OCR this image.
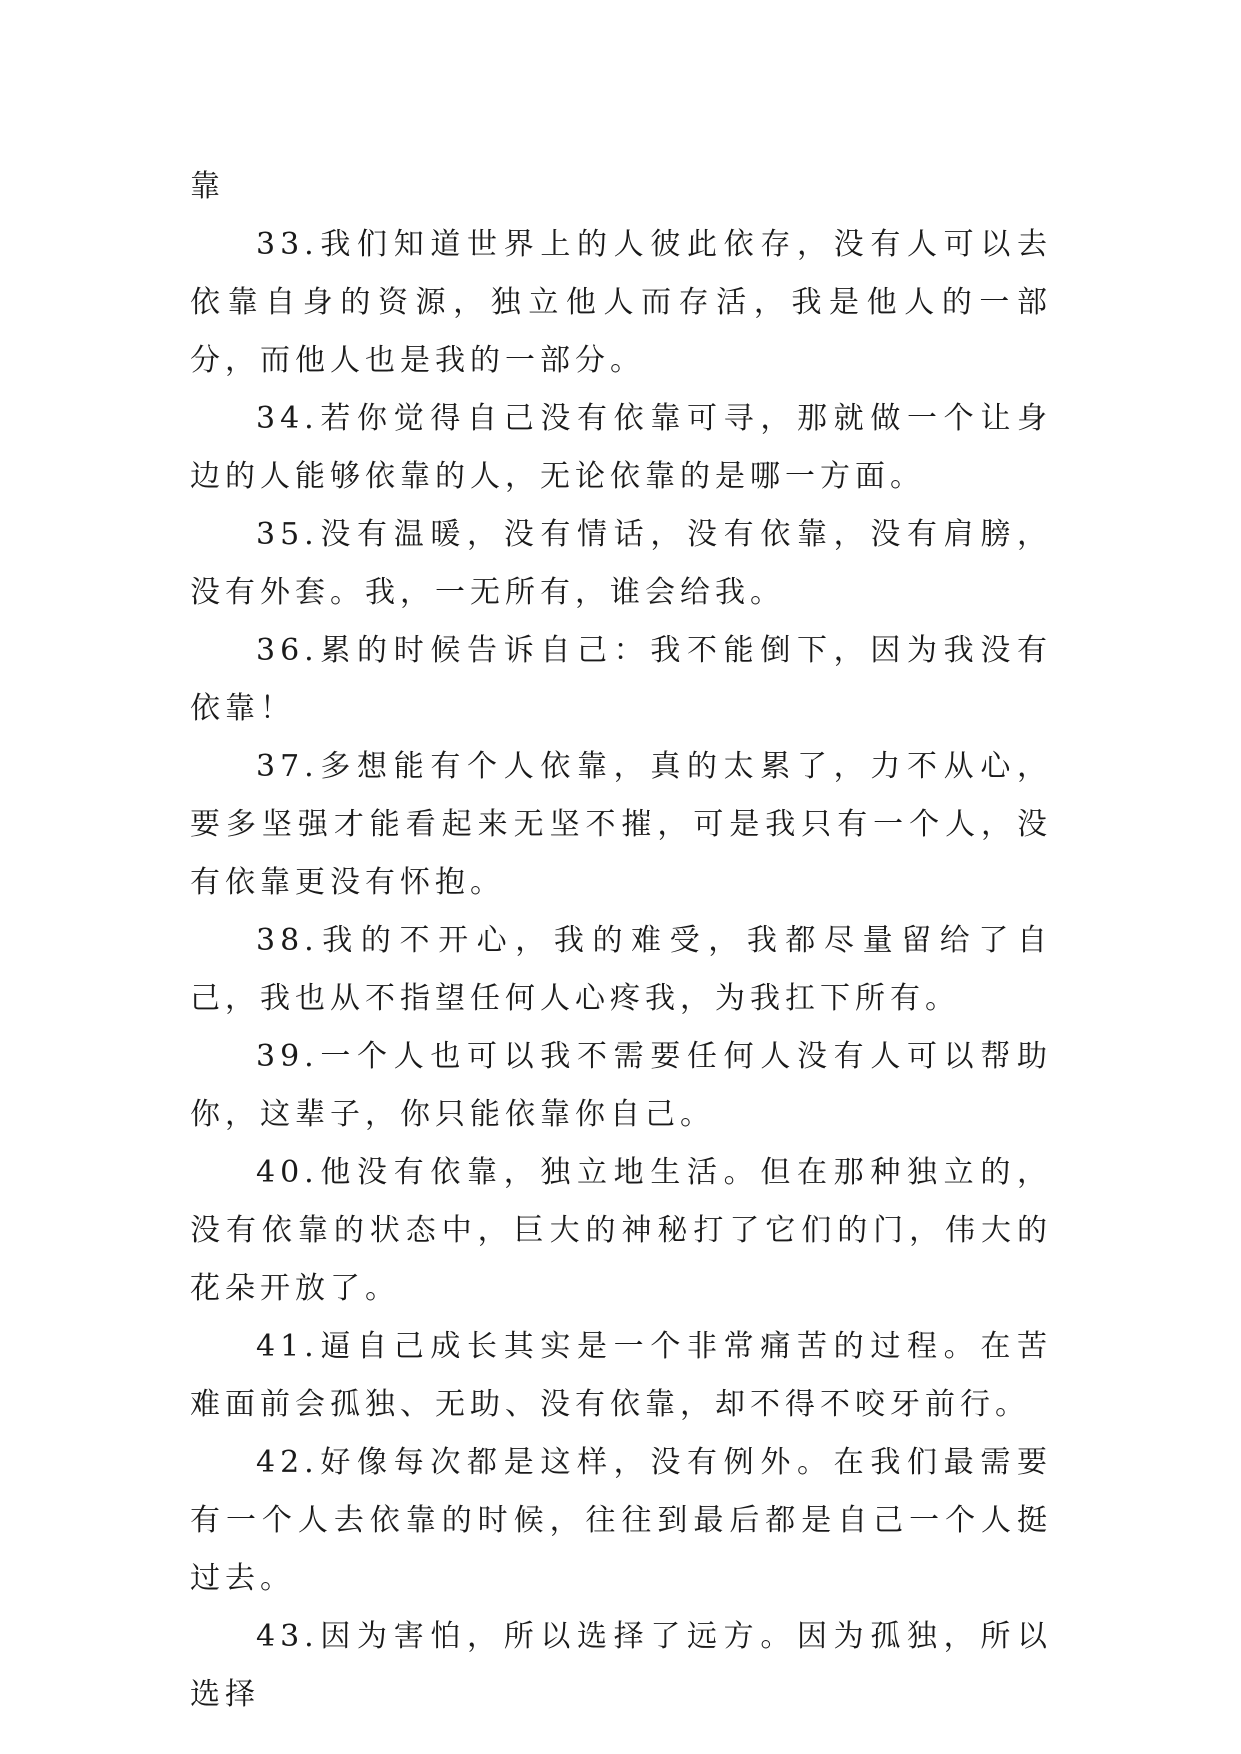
靠

33.我们知道世界上的人彼此依存，没有人可以去依靠自身的资源，独立他人而存活，我是他人的一部分，而他人也是我的一部分。

34.若你觉得自己没有依靠可寻，那就做一个让身边的人能够依靠的人，无论依靠的是哪一方面。

35.没有温暖，没有情话，没有依靠，没有肩膀，没有外套。我，一无所有，谁会给我。

36.累的时候告诉自己：我不能倒下，因为我没有依靠！

37.多想能有个人依靠，真的太累了，力不从心，要多坚强才能看起来无坚不摧，可是我只有一个人，没有依靠更没有怀抱。

38.我的不开心，我的难受，我都尽量留给了自己，我也从不指望任何人心疼我，为我扛下所有。

39.一个人也可以我不需要任何人没有人可以帮助你，这辈子，你只能依靠你自己。

40.他没有依靠，独立地生活。但在那种独立的，没有依靠的状态中，巨大的神秘打了它们的门，伟大的花朵开放了。

41.逼自己成长其实是一个非常痛苦的过程。在苦难面前会孤独、无助、没有依靠，却不得不咬牙前行。

42.好像每次都是这样，没有例外。在我们最需要有一个人去依靠的时候，往往到最后都是自己一个人挺过去。

43.因为害怕，所以选择了远方。因为孤独，所以选择
